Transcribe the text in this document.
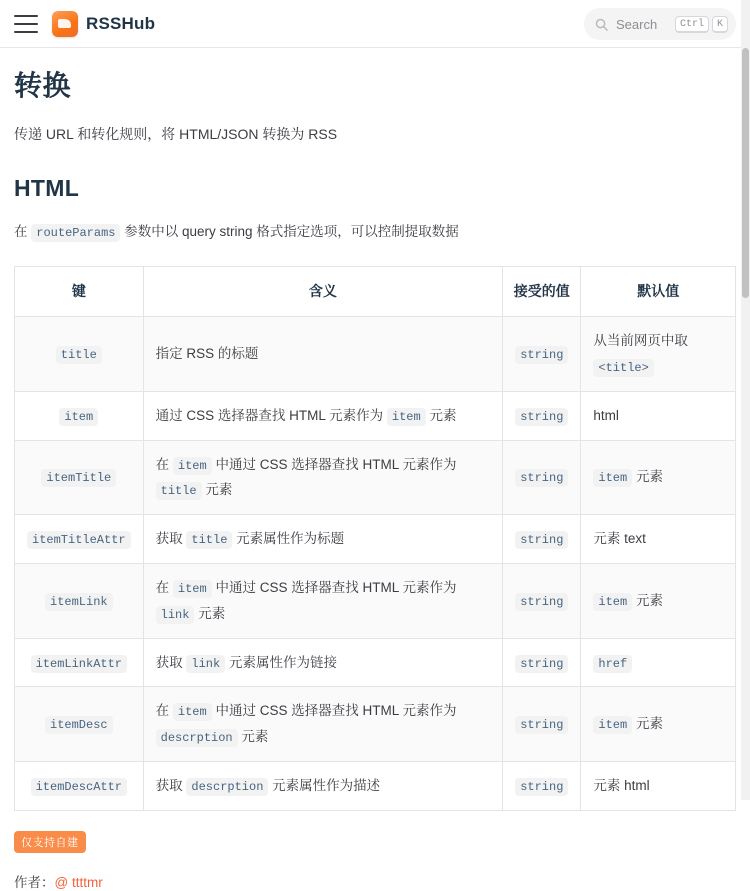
RSSHub	Search	Ctrl	K
转换

传递 URL 和转化规则，将 HTML/JSON 转换为 RSS

HTML

在 routeParams 参数中以 query string 格式指定选项，可以控制提取数据

键	含义	接受的值	默认值
title	指定 RSS 的标题	string	从当前网页中取 <title>
item	通过 CSS 选择器查找 HTML 元素作为 item 元素	string	html
itemTitle	在 item 中通过 CSS 选择器查找 HTML 元素作为 title 元素	string	item 元素
itemTitleAttr	获取 title 元素属性作为标题	string	元素 text
itemLink	在 item 中通过 CSS 选择器查找 HTML 元素作为 link 元素	string	item 元素
itemLinkAttr	获取 link 元素属性作为链接	string	href
itemDesc	在 item 中通过 CSS 选择器查找 HTML 元素作为 descrption 元素	string	item 元素
itemDescAttr	获取 descrption 元素属性作为描述	string	元素 html
仅支持自建
作者：@ ttttmr
